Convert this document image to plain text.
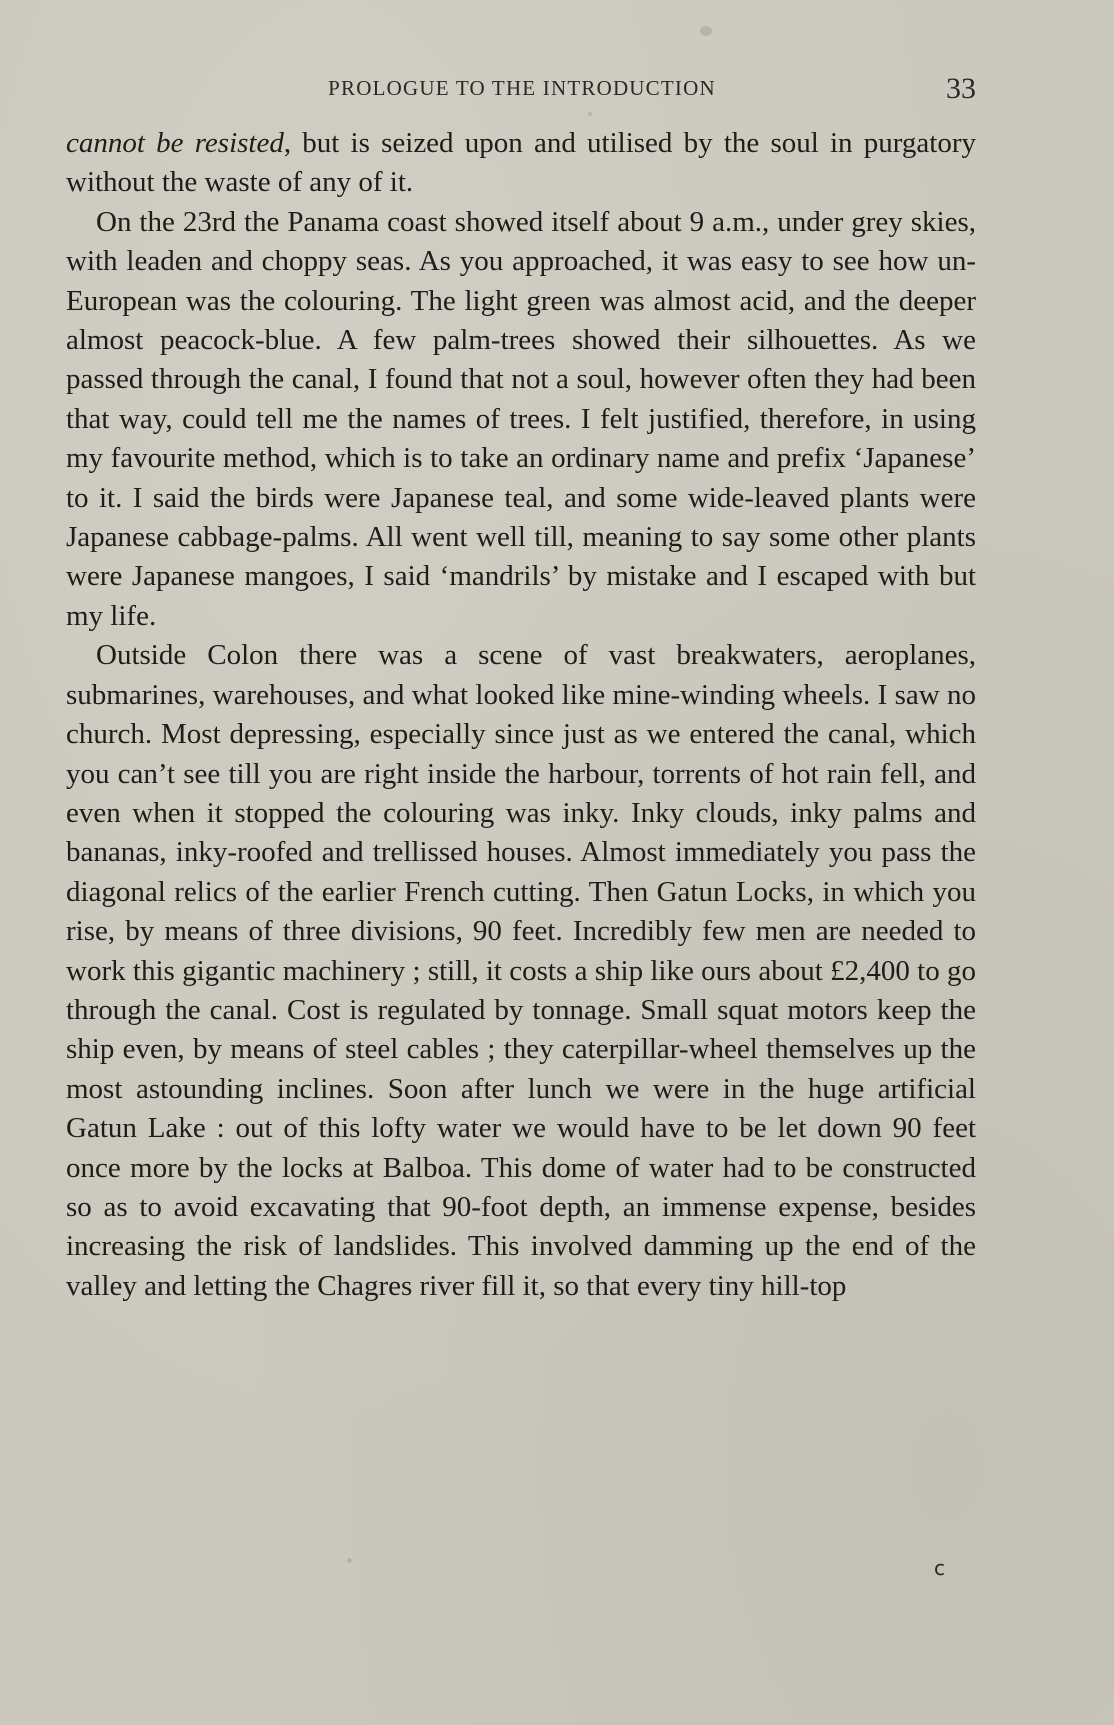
PROLOGUE TO THE INTRODUCTION	33

cannot be resisted, but is seized upon and utilised by the soul in purgatory without the waste of any of it.

On the 23rd the Panama coast showed itself about 9 a.m., under grey skies, with leaden and choppy seas. As you approached, it was easy to see how un-European was the colouring. The light green was almost acid, and the deeper almost peacock-blue. A few palm-trees showed their silhouettes. As we passed through the canal, I found that not a soul, however often they had been that way, could tell me the names of trees. I felt justified, therefore, in using my favourite method, which is to take an ordinary name and prefix ‘Japanese’ to it. I said the birds were Japanese teal, and some wide-leaved plants were Japanese cabbage-palms. All went well till, meaning to say some other plants were Japanese mangoes, I said ‘mandrils’ by mistake and I escaped with but my life.

Outside Colon there was a scene of vast breakwaters, aeroplanes, submarines, warehouses, and what looked like mine-winding wheels. I saw no church. Most depressing, especially since just as we entered the canal, which you can’t see till you are right inside the harbour, torrents of hot rain fell, and even when it stopped the colouring was inky. Inky clouds, inky palms and bananas, inky-roofed and trellissed houses. Almost immediately you pass the diagonal relics of the earlier French cutting. Then Gatun Locks, in which you rise, by means of three divisions, 90 feet. Incredibly few men are needed to work this gigantic machinery ; still, it costs a ship like ours about £2,400 to go through the canal. Cost is regulated by tonnage. Small squat motors keep the ship even, by means of steel cables ; they caterpillar-wheel themselves up the most astounding inclines. Soon after lunch we were in the huge artificial Gatun Lake : out of this lofty water we would have to be let down 90 feet once more by the locks at Balboa. This dome of water had to be constructed so as to avoid excavating that 90-foot depth, an immense expense, besides increasing the risk of landslides. This involved damming up the end of the valley and letting the Chagres river fill it, so that every tiny hill-top

c
